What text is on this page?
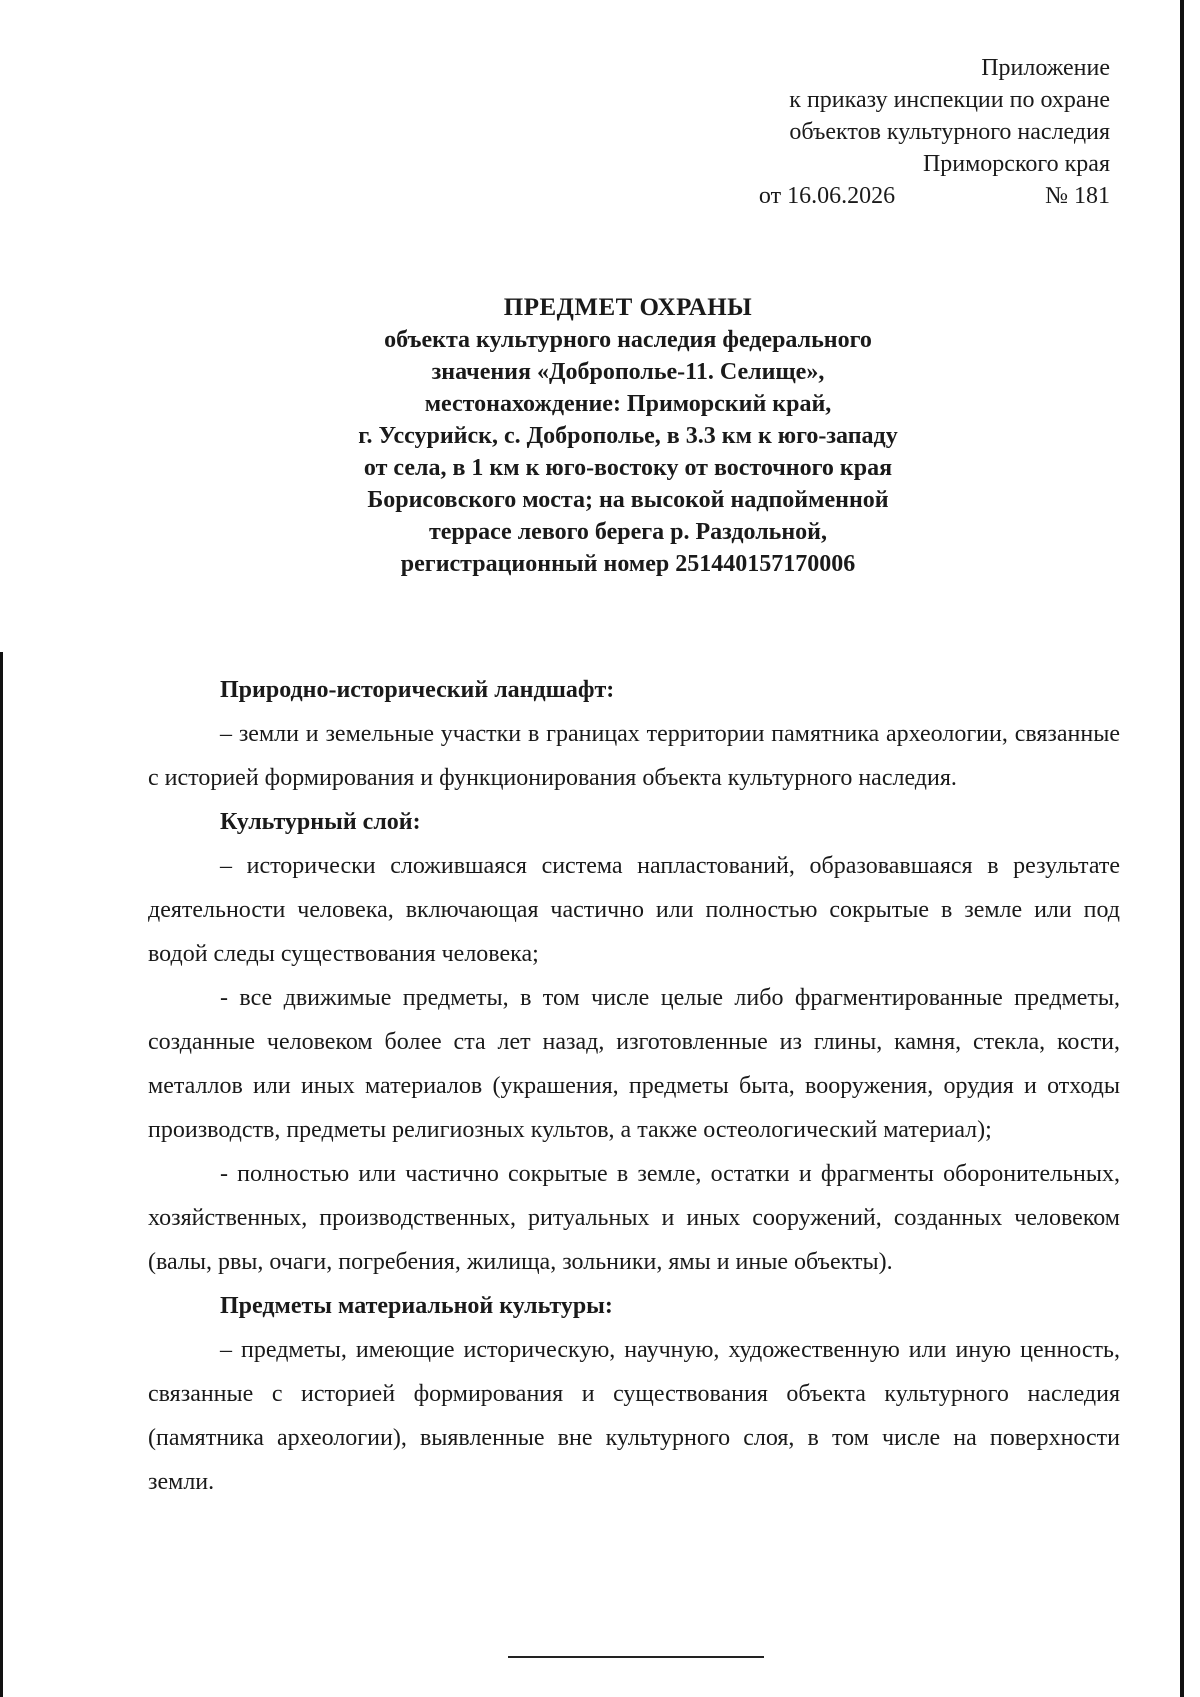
Приложение
к приказу инспекции по охране
объектов культурного наследия
Приморского края
от 16.06.2026	№ 181
ПРЕДМЕТ ОХРАНЫ
объекта культурного наследия федерального
значения «Доброполье-11. Селище»,
местонахождение: Приморский край,
г. Уссурийск, с. Доброполье, в 3.3 км к юго-западу
от села, в 1 км к юго-востоку от восточного края
Борисовского моста; на высокой надпойменной
террасе левого берега р. Раздольной,
регистрационный номер 251440157170006

Природно-исторический ландшафт:

– земли и земельные участки в границах территории памятника археологии, связанные с историей формирования и функционирования объекта культурного наследия.

Культурный слой:

– исторически сложившаяся система напластований, образовавшаяся в результате деятельности человека, включающая частично или полностью сокрытые в земле или под водой следы существования человека;

- все движимые предметы, в том числе целые либо фрагментированные предметы, созданные человеком более ста лет назад, изготовленные из глины, камня, стекла, кости, металлов или иных материалов (украшения, предметы быта, вооружения, орудия и отходы производств, предметы религиозных культов, а также остеологический материал);

- полностью или частично сокрытые в земле, остатки и фрагменты оборонительных, хозяйственных, производственных, ритуальных и иных сооружений, созданных человеком (валы, рвы, очаги, погребения, жилища, зольники, ямы и иные объекты).

Предметы материальной культуры:

– предметы, имеющие историческую, научную, художественную или иную ценность, связанные с историей формирования и существования объекта культурного наследия (памятника археологии), выявленные вне культурного слоя, в том числе на поверхности земли.
